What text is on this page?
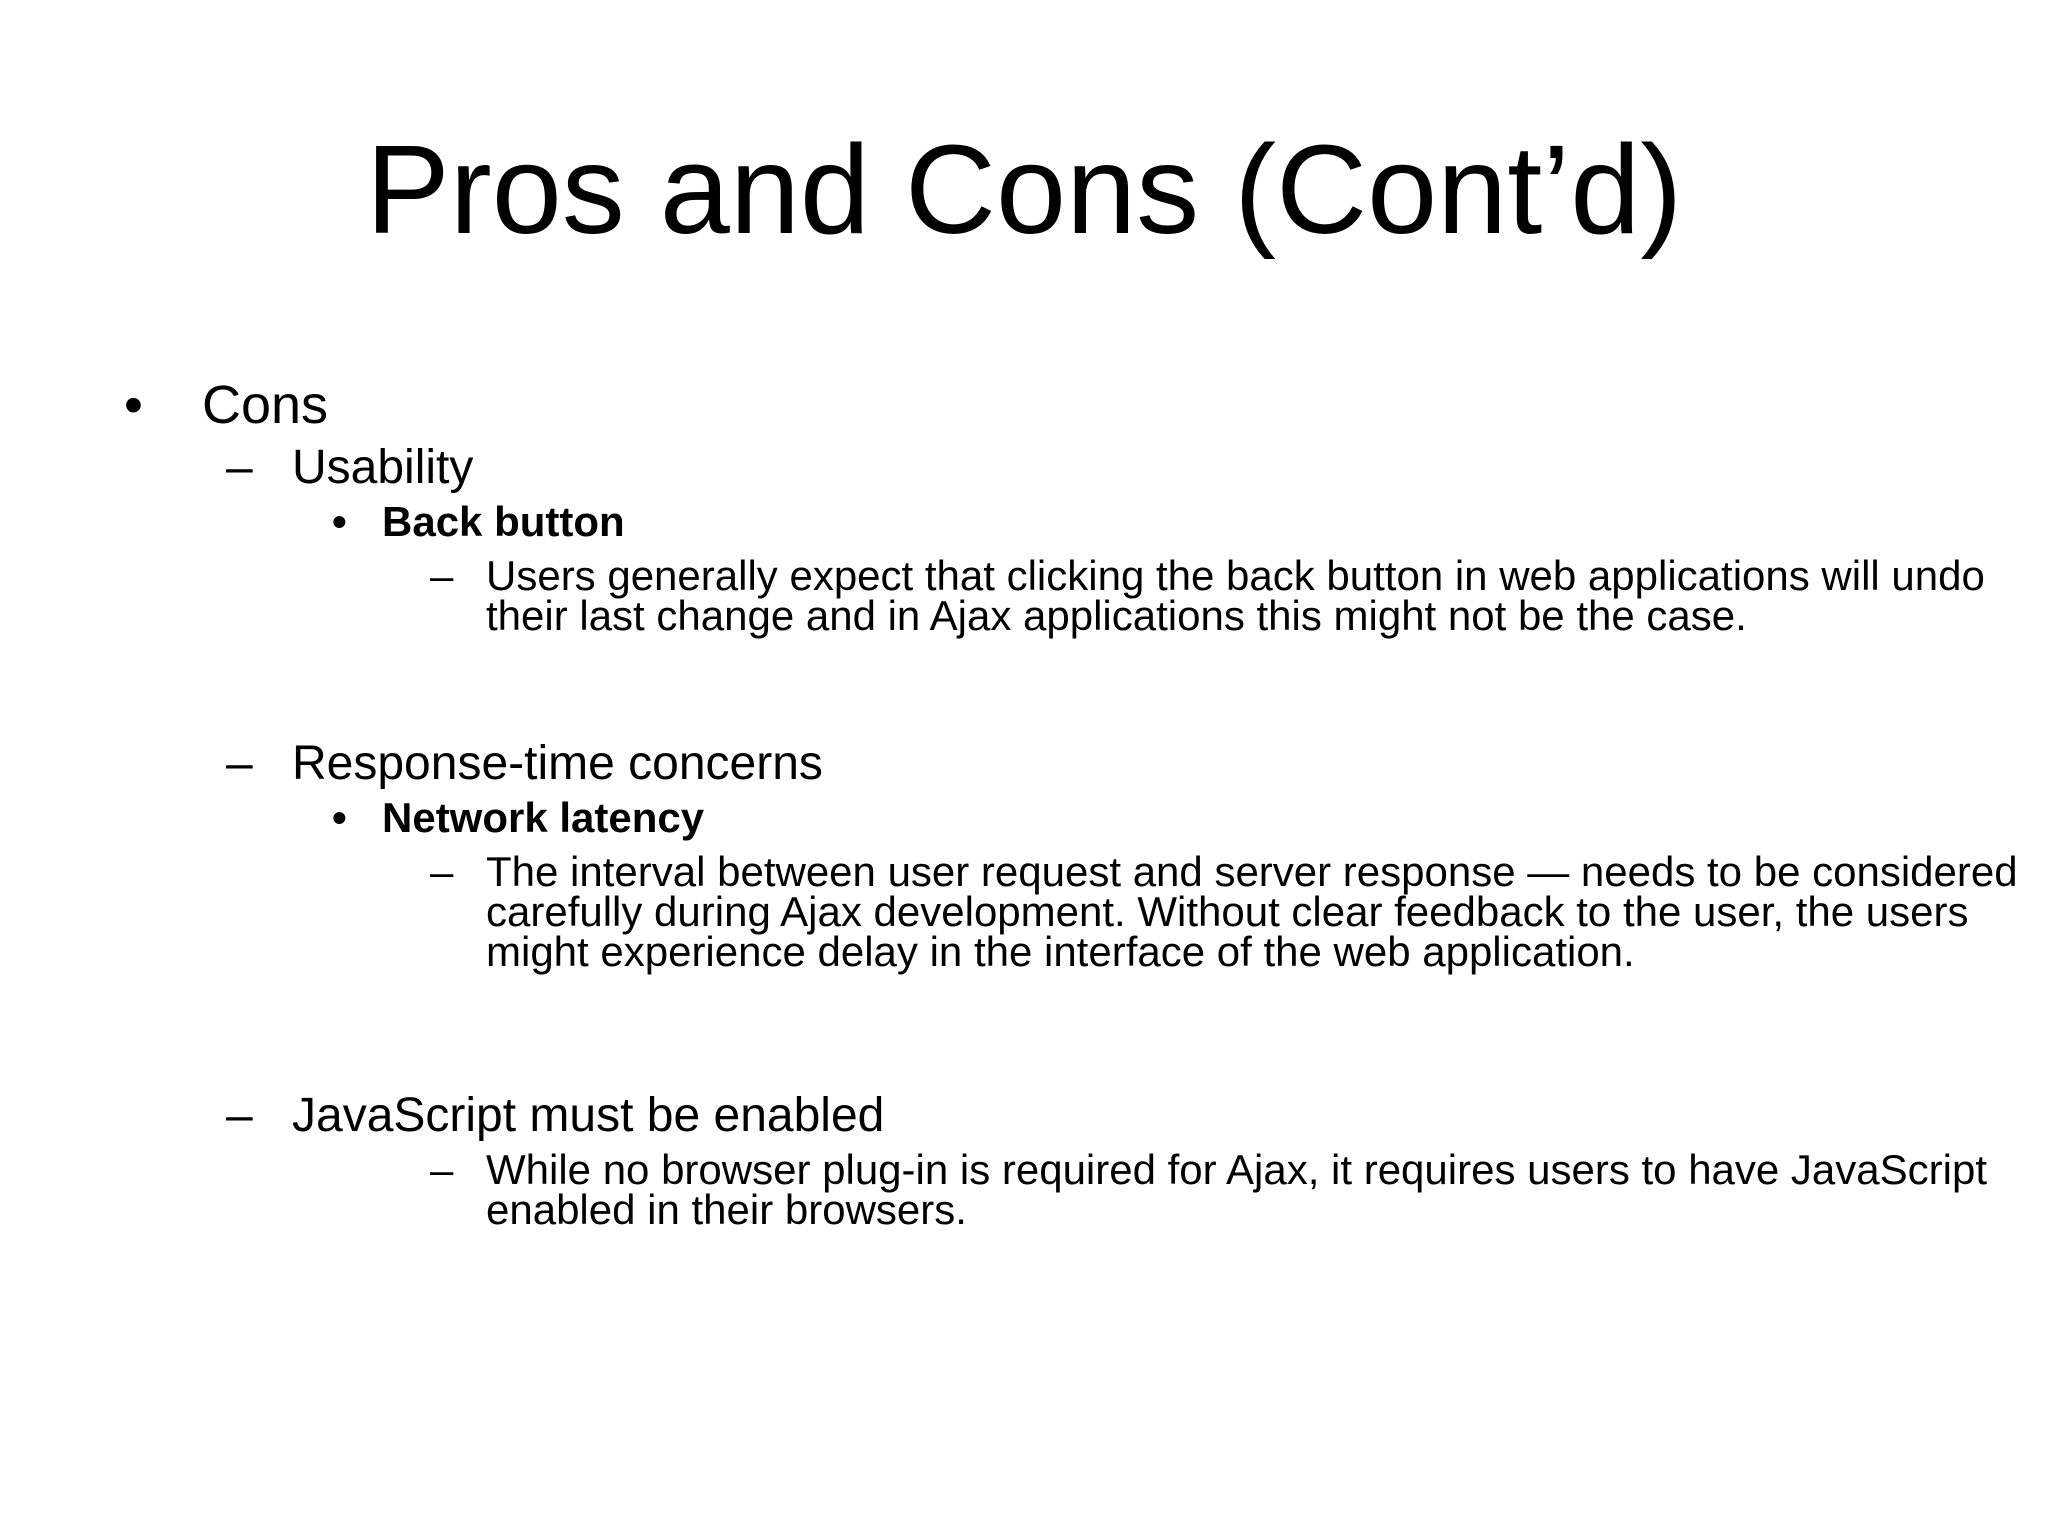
Pros and Cons (Cont’d)
• Cons
– Usability
• Back button
– Users generally expect that clicking the back button in web applications will undo their last change and in Ajax applications this might not be the case.
– Response-time concerns
• Network latency
– The interval between user request and server response — needs to be considered carefully during Ajax development. Without clear feedback to the user, the users might experience delay in the interface of the web application.
– JavaScript must be enabled
– While no browser plug-in is required for Ajax, it requires users to have JavaScript enabled in their browsers.
